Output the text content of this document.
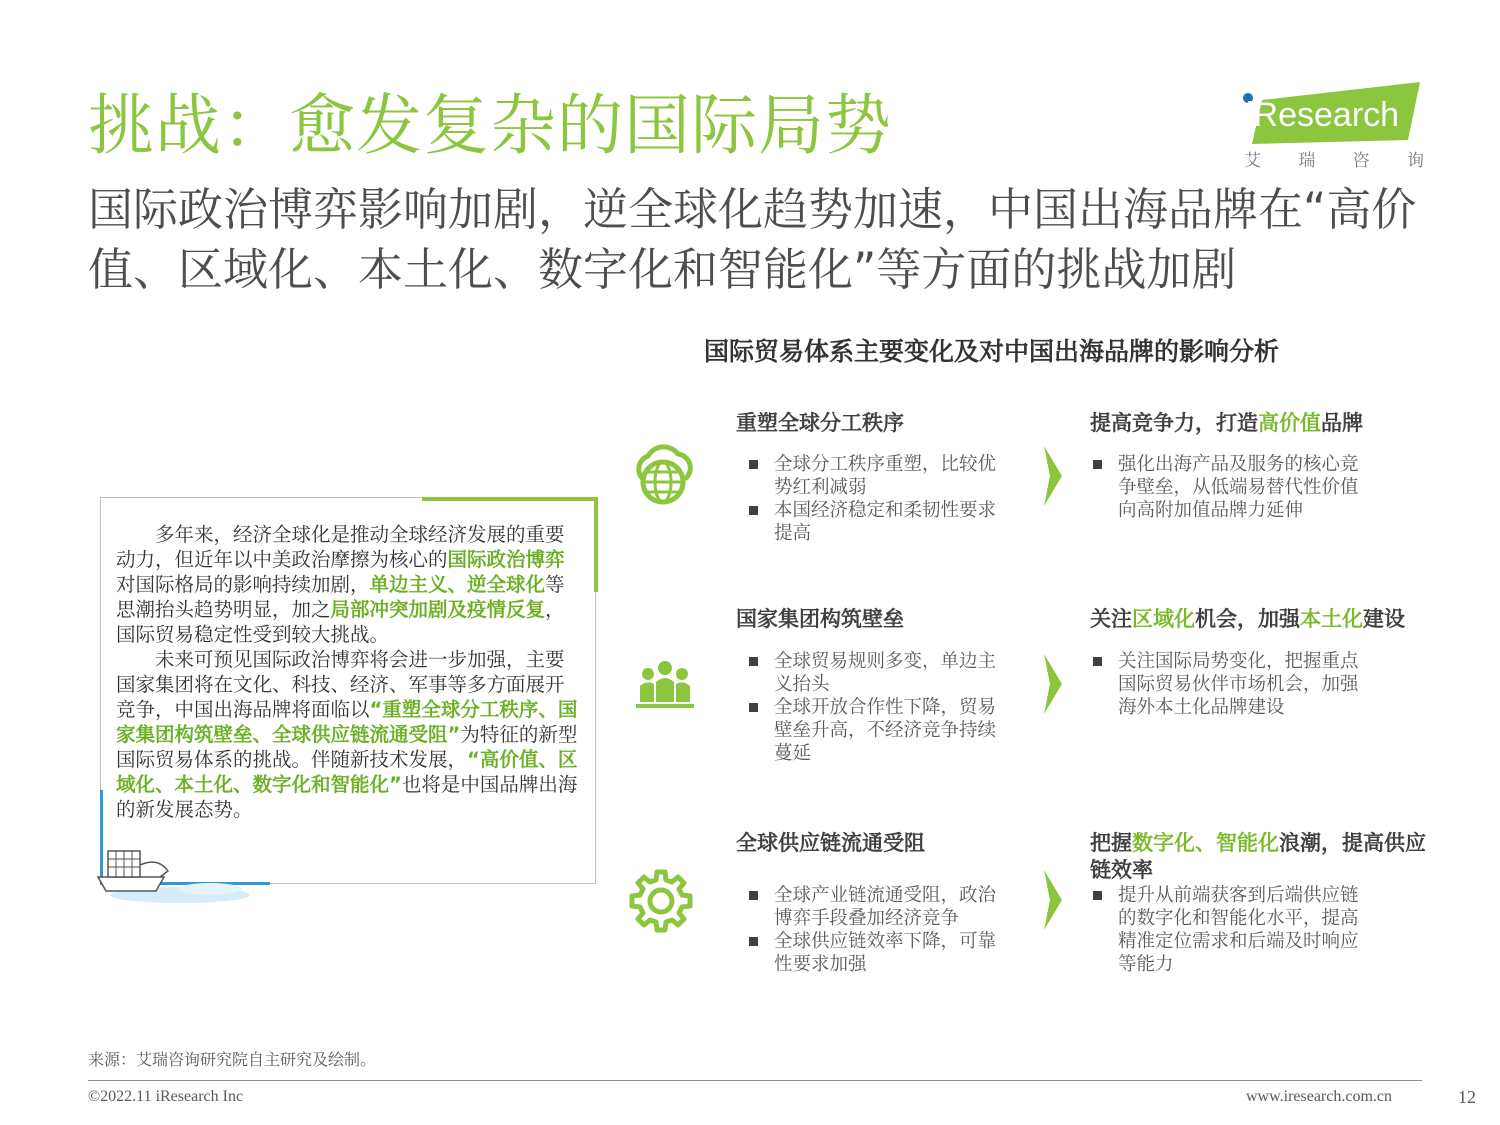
挑战：愈发复杂的国际局势	iResearch
艾 瑞 咨 询
国际政治博弈影响加剧，逆全球化趋势加速，中国出海品牌在“高价值、区域化、本土化、数字化和智能化”等方面的挑战加剧
国际贸易体系主要变化及对中国出海品牌的影响分析

多年来，经济全球化是推动全球经济发展的重要动力，但近年以中美政治摩擦为核心的国际政治博弈对国际格局的影响持续加剧，单边主义、逆全球化等思潮抬头趋势明显，加之局部冲突加剧及疫情反复，国际贸易稳定性受到较大挑战。

未来可预见国际政治博弈将会进一步加强，主要国家集团将在文化、科技、经济、军事等多方面展开竞争，中国出海品牌将面临以“重塑全球分工秩序、国家集团构筑壁垒、全球供应链流通受阻”为特征的新型国际贸易体系的挑战。伴随新技术发展，“高价值、区域化、本土化、数字化和智能化”也将是中国品牌出海的新发展态势。

重塑全球分工秩序
全球分工秩序重塑，比较优势红利减弱
本国经济稳定和柔韧性要求提高
提高竞争力，打造高价值品牌
强化出海产品及服务的核心竞争壁垒，从低端易替代性价值向高附加值品牌力延伸
国家集团构筑壁垒
全球贸易规则多变，单边主义抬头
全球开放合作性下降，贸易壁垒升高，不经济竞争持续蔓延
关注区域化机会，加强本土化建设
关注国际局势变化，把握重点国际贸易伙伴市场机会，加强海外本土化品牌建设
全球供应链流通受阻
全球产业链流通受阻，政治博弈手段叠加经济竞争
全球供应链效率下降，可靠性要求加强
把握数字化、智能化浪潮，提高供应链效率
提升从前端获客到后端供应链的数字化和智能化水平，提高精准定位需求和后端及时响应等能力
来源：艾瑞咨询研究院自主研究及绘制。
©2022.11 iResearch Inc	www.iresearch.com.cn	12
